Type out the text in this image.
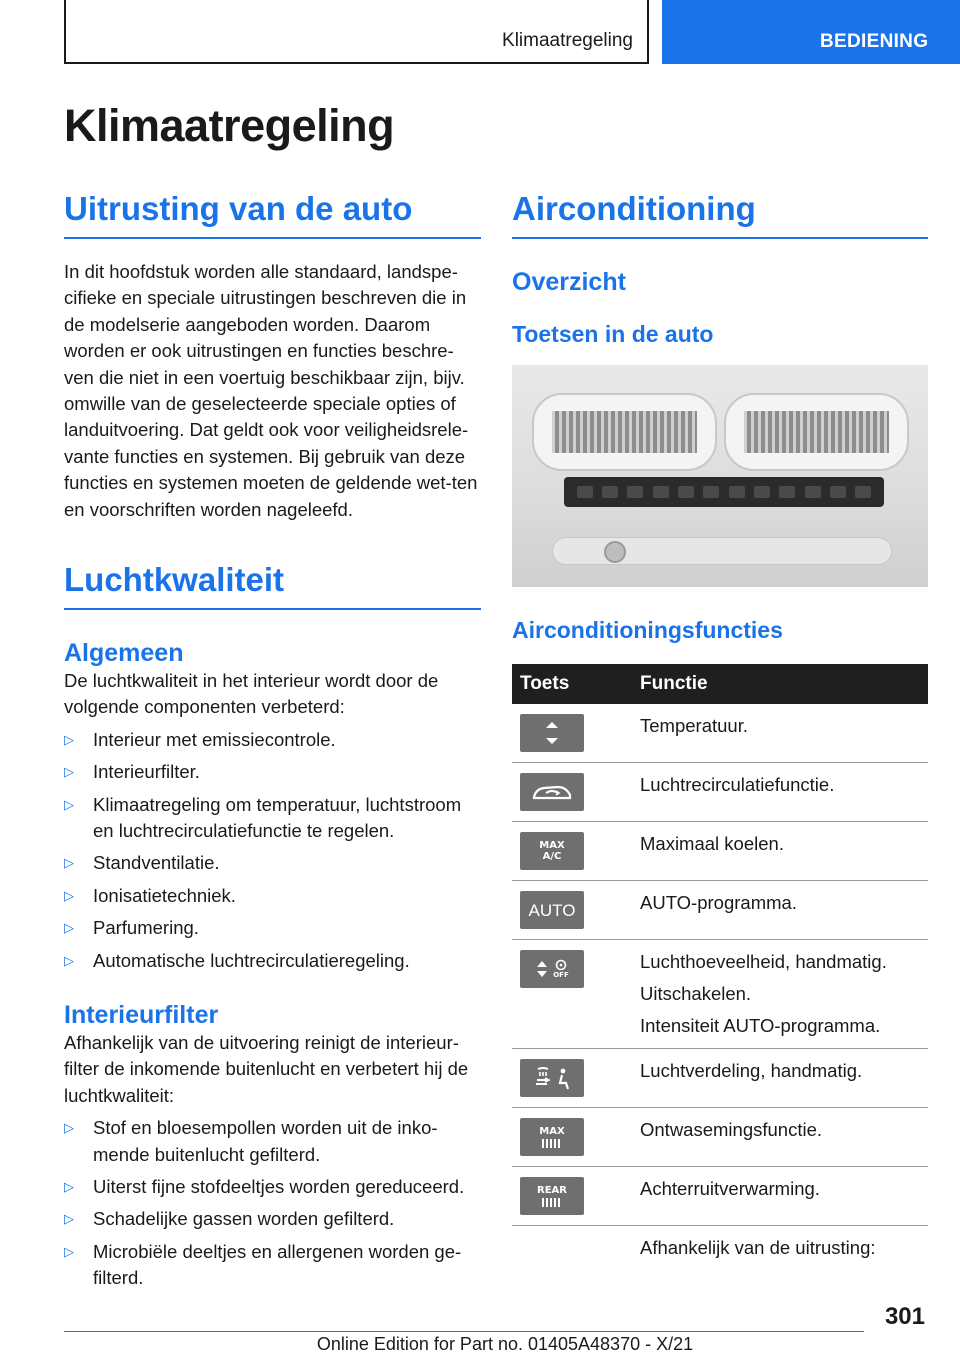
Klimaatregeling	BEDIENING
Klimaatregeling
Uitrusting van de auto

In dit hoofdstuk worden alle standaard, landspe-cifieke en speciale uitrustingen beschreven die in de modelserie aangeboden worden. Daarom worden er ook uitrustingen en functies beschre-ven die niet in een voertuig beschikbaar zijn, bijv. omwille van de geselecteerde speciale opties of landuitvoering. Dat geldt ook voor veiligheidsrele-vante functies en systemen. Bij gebruik van deze functies en systemen moeten de geldende wet-ten en voorschriften worden nageleefd.

Luchtkwaliteit
Algemeen

De luchtkwaliteit in het interieur wordt door de volgende componenten verbeterd:

▷ Interieur met emissiecontrole.
▷ Interieurfilter.
▷ Klimaatregeling om temperatuur, luchtstroom en luchtrecirculatiefunctie te regelen.
▷ Standventilatie.
▷ Ionisatietechniek.
▷ Parfumering.
▷ Automatische luchtrecirculatieregeling.
Interieurfilter

Afhankelijk van de uitvoering reinigt de interieur-filter de inkomende buitenlucht en verbetert hij de luchtkwaliteit:

▷ Stof en bloesempollen worden uit de inko-mende buitenlucht gefilterd.
▷ Uiterst fijne stofdeeltjes worden gereduceerd.
▷ Schadelijke gassen worden gefilterd.
▷ Microbiële deeltjes en allergenen worden ge-filterd.
Airconditioning
Overzicht
Toetsen in de auto
Airconditioningsfuncties
Toets	Functie

Temperatuur.

Luchtrecirculatiefunctie.

MAX
A/C	Maximaal koelen.

AUTO	AUTO-programma.

OFF	Luchthoeveelheid, handmatig.
Uitschakelen.
Intensiteit AUTO-programma.

Luchtverdeling, handmatig.

MAX	Ontwasemingsfunctie.

REAR	Achterruitverwarming.

	Afhankelijk van de uitrusting:
301
Online Edition for Part no. 01405A48370 - X/21
